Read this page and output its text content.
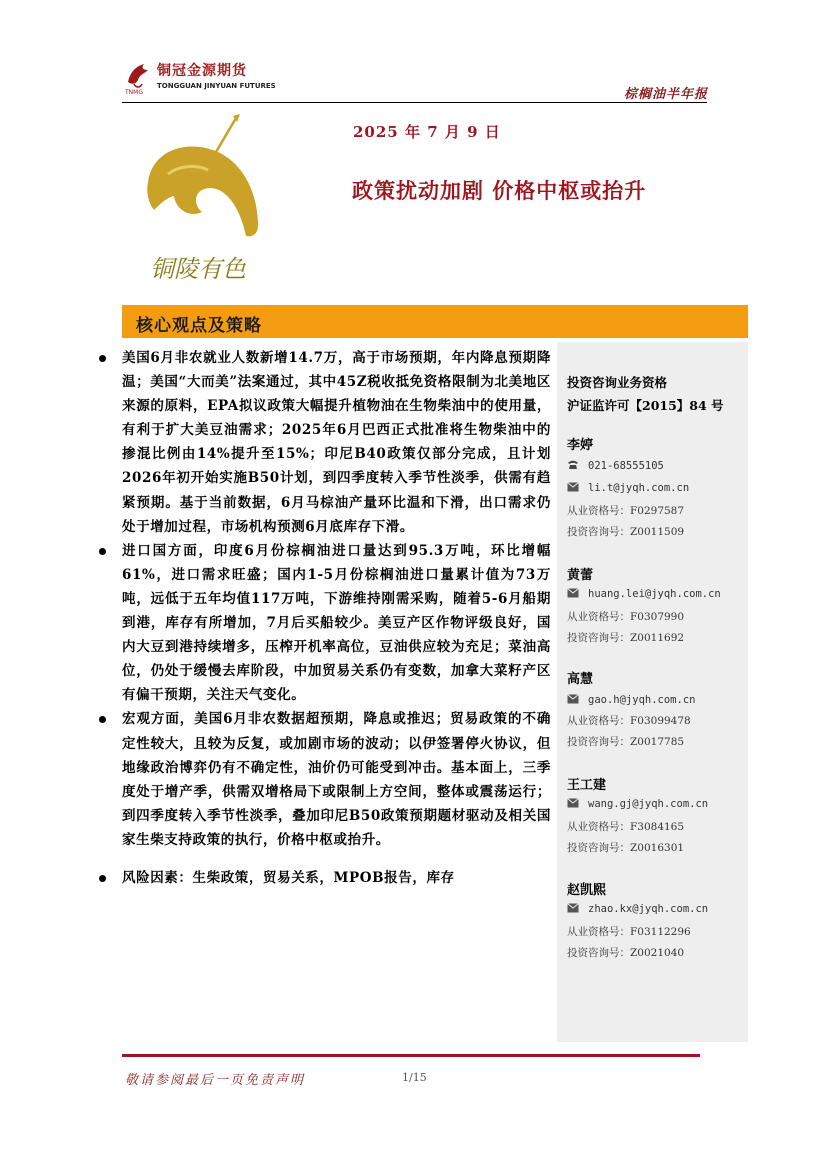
TNMG
铜冠金源期货
TONGGUAN JINYUAN FUTURES
棕榈油半年报
铜陵有色
2025 年 7 月 9 日
政策扰动加剧 价格中枢或抬升
核心观点及策略
美国6月非农就业人数新增14.7万，高于市场预期，年内降息预期降温；美国“大而美”法案通过，其中45Z税收抵免资格限制为北美地区来源的原料，EPA拟议政策大幅提升植物油在生物柴油中的使用量，有利于扩大美豆油需求；2025年6月巴西正式批准将生物柴油中的掺混比例由14%提升至15%；印尼B40政策仅部分完成，且计划2026年初开始实施B50计划，到四季度转入季节性淡季，供需有趋紧预期。基于当前数据，6月马棕油产量环比温和下滑，出口需求仍处于增加过程，市场机构预测6月底库存下滑。
进口国方面，印度6月份棕榈油进口量达到95.3万吨，环比增幅61%，进口需求旺盛；国内1-5月份棕榈油进口量累计值为73万吨，远低于五年均值117万吨，下游维持刚需采购，随着5-6月船期到港，库存有所增加，7月后买船较少。美豆产区作物评级良好，国内大豆到港持续增多，压榨开机率高位，豆油供应较为充足；菜油高位，仍处于缓慢去库阶段，中加贸易关系仍有变数，加拿大菜籽产区有偏干预期，关注天气变化。
宏观方面，美国6月非农数据超预期，降息或推迟；贸易政策的不确定性较大，且较为反复，或加剧市场的波动；以伊签署停火协议，但地缘政治博弈仍有不确定性，油价仍可能受到冲击。基本面上，三季度处于增产季，供需双增格局下或限制上方空间，整体或震荡运行；到四季度转入季节性淡季，叠加印尼B50政策预期题材驱动及相关国家生柴支持政策的执行，价格中枢或抬升。
风险因素：生柴政策，贸易关系，MPOB报告，库存
投资咨询业务资格
沪证监许可【2015】84 号
李婷
021-68555105
li.t@jyqh.com.cn
从业资格号：F0297587
投资咨询号：Z0011509
黄蕾
huang.lei@jyqh.com.cn
从业资格号：F0307990
投资咨询号：Z0011692
高慧
gao.h@jyqh.com.cn
从业资格号：F03099478
投资咨询号：Z0017785
王工建
wang.gj@jyqh.com.cn
从业资格号：F3084165
投资咨询号：Z0016301
赵凯熙
zhao.kx@jyqh.com.cn
从业资格号：F03112296
投资咨询号：Z0021040
敬请参阅最后一页免责声明	1/15
